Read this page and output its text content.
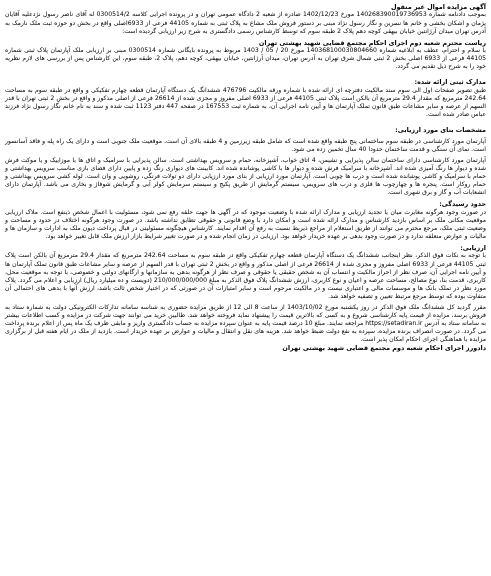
آگهی مزایده اموال غیر منقول

بموجب دادنامه شماره 140268390019736953 مورخ 1402/12/23 صادره از شعبه 2 دادگاه عمومی تهران و در پرونده اجرایی کلاسه 0300514/2 له آقای ناصر رسول نژدعلیه آقایان پژمان و اشکان بخشی و خانم ها نسرین و نگار رسول نژاد مبنی بر دستور فروش ملک مشاع به پلاک ثبتی به شماره 44105 فرعی از 6933اصلی واقع در بخش دو حوزه ثبت ملک نارمک به آدرس تهران میدان آرژانتین خیابان بیهقی کوچه دهم پلاک 2 طبقه سوم که توسط کارشناس رسمی دادگستری به شرح زیر ارزیابی گردیده است:

ریاست محترم شعبه دوم اجرای احکام مجتمع قضایی شهید بهشتی تهران

با سلام و احترام، عطف به ابلاغیه شماره 140368100030804660 مورخ 20 / 05 / 1403 مربوط به پرونده بایگانی شماره 0300514 مبنی بر ارزیابی ملک آپارتمان پلاک ثبتی شماره 44105 فرعی از 6933 اصلی بخش 2 ثبتی شمال شرق تهران به آدرس تهران، میدان آرژانتین، خیابان بیهقی، کوچه دهم، پلاک 2، طبقه سوم، این کارشناس پس از بررسی های لازم نظریه خود را به شرح ذیل تقدیم می گردد.

مدارک ثبتی ارائه شده:

طبق تصویر صفحات اول الی سوم سند مالکیت دفترچه ای ارائه شده با شماره ورقه مالکیت 476796 ششدانگ یک دستگاه آپارتمان قطعه چهارم تفکیکی و واقع در طبقه سوم به مساحت 242.64 مترمربع که مقدار 29.4 مترمربع آن بالکن است پلاک ثبتی 44105 فرعی از 6933 اصلی مفروز و مجزی شده از 26614 فرعی از اصلی مذکور و واقع در بخش 2 ثبتی تهران با قدر السهم از عرصه و سایر مشاعات طبق قانون تملک آپارتمان ها و آیین نامه اجرایی آن، به شماره ثبت 167553 در صفحه 447 دفتر 1123 ثبت شده و سند به نام خانم نگار رسول نژاد فرزند عباس صادر شده است.

مشخصات بنای مورد ارزیابی:

آپارتمان مورد کارشناسی در طبقه سوم ساختمانی پنج طبقه واقع شده است که شامل طبقه زیرزمین و 4 طبقه بالای آن است. موقعیت ملک جنوبی است و دارای یک راه پله و فاقد آسانسور است. نمای آن سنگی و قدمت ساختمان حدودا 40 سال تخمین زده می شود.

آپارتمان مورد کارشناسی دارای ساختمان سالن پذیرایی و نشیمن، 4 اتاق خواب، آشپزخانه، حمام و سرویس بهداشتی است. سالن پذیرایی با سرامیک و اتاق ها با موزاییک و یا موکت فرش شده و دیوار ها رنگ آمیزی شده اند. آشپزخانه با سرامیک فرش شده و دیوار ها با کاشی پوشانده شده اند. کابینت های دیواری رنگ زده و پایین دارای فضای بازی مناسب سرویس بهداشتی و حمام با سرامیک و کاشی پوشانده شده است و درب ها چوبی است. آپارتمان مورد ارزیابی از بنای مورد ارزیابی دارای دو تولات فرنگی، روشویی و وان است. لوله کشی سرویس بهداشتی و حمام روکار است. پنجره ها و چهارچوب ها فلزی و درب های سرویس، سیستم گرمایش از طریق پکیج و سیستم سرمایش کولر آبی و گرمایش شوفاژ و بخاری می باشد. آپارتمان دارای انشعابات آب و گاز و برق شهری است.

حدود رسیدگی:

در صورت وجود هرگونه مغایرت میان یا تجدید ارزیابی و مدارک ارائه شده با وضعیت موجود که در آگهی ها جهت حلقه رفع نمی شود، مسئولیت با اعمال شخص ذینفع است. ملاک ارزیابی موقعیت مکانی ملک بر اساس بازدید کارشناس و مدارک ارائه شده است و امکان دارد با وضع قانونی و حقوقی تطابق نداشته باشد. در صورت وجود هرگونه اختلاف در حدود و مساحت و وضعیت ثبتی ملک، مرجع محترم می توانند از طریق استعلام از مراجع ذیربط نسبت به رفع آن اقدام نمایند. کارشناس هیچگونه مسئولیتی در قبال پرداخت دیون ملک به ادارات و سازمان ها و مالیات و عوارض متعلقه ندارد و در صورت وجود بدهی بر عهده خریدار خواهد بود. ارزیابی در زمان انجام شده و در صورت تغییر شرایط بازار ارزش ملک قابل تغییر خواهد بود.

ارزیابی:

با توجه به نکات فوق الذکر، نظر اینجانب ششدانگ یک دستگاه آپارتمان قطعه چهارم تفکیکی واقع در طبقه سوم به مساحت 242.64 مترمربع که مقدار 29.4 مترمربع آن بالکن است پلاک ثبتی 44105 فرعی از 6933 اصلی مفروز و مجزی شده از 26614 فرعی از اصلی مذکور و واقع در بخش 2 ثبتی تهران با قدر السهم از عرصه و سایر مشاعات طبق قانون تملک آپارتمان ها و آیین نامه اجرایی آن، صرف نظر از احراز مالکیت و انتساب آن به شخص حقیقی یا حقوقی و صرف نظر از هرگونه بدهی به سازمانها و ارگانهای دولتی و خصوصی، با توجه به موقعیت محل، کاربری، قدمت بنا، نوع مصالح، مساحت عرصه و اعیان و نوع کاربری، ارزش ششدانگ پلاک فوق الذکر به مبلغ 210/000/000/000 (دویست و ده میلیارد ریال) ارزیابی و اعلام می گردد. پلاک مورد نظر در تملک بانک ها و موسسات مالی و اعتباری نیست و در مالکیت مرحوم است و سایر امتیازات آن در صورتی که در اختیار شخص ثالث باشد، ارزش آنها با بدهی های احتمالی آن متفاوت بوده که توسط مرجع مرتبط تعیین و تصفیه خواهد شد.

مقرر گردید کل ششدانگ ملک فوق الذکر در روز یکشنبه مورخ 1403/10/02 از ساعت 8 الی 12 از طریق مزایده حضوری به شناسه سامانه تدارکات الکترونیکی دولت به شماره ستاد به فروش برسد، مزایده از قیمت پایه کارشناسی شروع و به کسی که بالاترین قیمت را پیشنهاد نماید فروخته خواهد شد. طالبین خرید می توانند جهت شرکت در مزایده و کسب اطلاعات بیشتر به سامانه ستاد به آدرس https://setadiran.ir مراجعه نمایند. مبلغ 10 درصد قیمت پایه به عنوان سپرده مزایده به حساب دادگستری واریز و مابقی ظرف یک ماه پس از اعلام برنده پرداخت می گردد. در صورت انصراف برنده مزایده، سپرده به نفع دولت ضبط خواهد شد. هزینه های نقل و انتقال و مالیات و عوارض بر عهده خریدار است. بازدید از ملک در ایام هفته قبل از برگزاری مزایده با هماهنگی اجرای احکام امکان پذیر است.

دادورز اجرای احکام شعبه دوم مجتمع قضایی شهید بهشتی تهران
